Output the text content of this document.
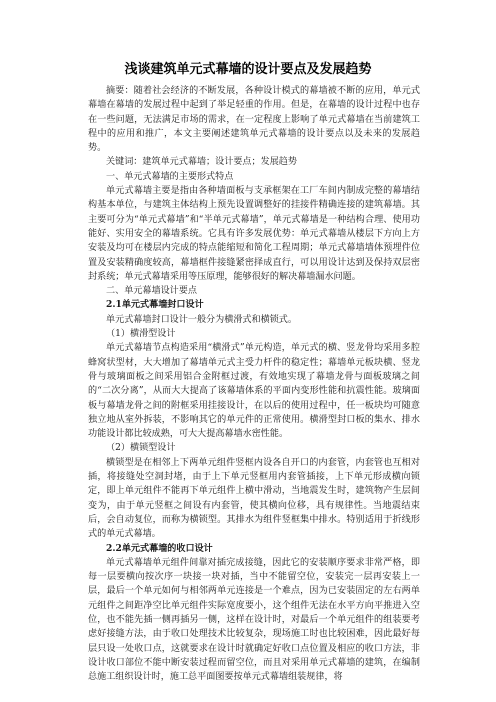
浅谈建筑单元式幕墙的设计要点及发展趋势

摘要：随着社会经济的不断发展，各种设计模式的幕墙被不断的应用，单元式幕墙在幕墙的发展过程中起到了举足轻重的作用。但是，在幕墙的设计过程中也存在一些问题，无法满足市场的需求，在一定程度上影响了单元式幕墙在当前建筑工程中的应用和推广，本文主要阐述建筑单元式幕墙的设计要点以及未来的发展趋势。

关键词：建筑单元式幕墙；设计要点；发展趋势

一、单元式幕墙的主要形式特点

单元式幕墙主要是指由各种墙面板与支承框架在工厂车间内制成完整的幕墙结构基本单位，与建筑主体结构上预先设置调整好的挂接件精确连接的建筑幕墙。其主要可分为“单元式幕墙”和“半单元式幕墙”，单元式幕墙是一种结构合理、使用功能好、实用安全的幕墙系统。它具有许多发展优势：单元式幕墙从楼层下方向上方安装及均可在楼层内完成的特点能缩短和简化工程周期；单元式幕墙墙体预埋件位置及安装精确度较高，幕墙框件接缝紧密择成直行，可以用设计达到及保持双层密封系统；单元式幕墙采用等压原理，能够很好的解决幕墙漏水问题。

二、单元幕墙设计要点

2.1单元式幕墙封口设计

单元式幕墙封口设计一般分为横滑式和横锁式。

（1）横滑型设计

单元式幕墙节点构造采用“横滑式”单元构造，单元式的横、竖龙骨均采用多腔蜂窝状型材，大大增加了幕墙单元式主受力杆件的稳定性；幕墙单元板块横、竖龙骨与玻璃面板之间采用铝合金附框过渡，有效地实现了幕墙龙骨与面板玻璃之间的“二次分离”，从而大大提高了该幕墙体系的平面内变形性能和抗震性能。玻璃面板与幕墙龙骨之间的附框采用挂接设计，在以后的使用过程中，任一板块均可随意独立地从室外拆装，不影响其它的单元件的正常使用。横滑型封口板的集水、排水功能设计都比较成熟，可大大提高幕墙水密性能。

（2）横锁型设计

横锁型是在相邻上下两单元组件竖框内设各自开口的内套管，内套管也互相对插，将接缝处空洞封堵，由于上下单元竖框用内套管插接，上下单元形成横向锁定，即上单元组件不能再下单元组件上横中滑动，当地震发生时，建筑物产生层间变为，由于单元竖框之间设有内套管，使其横向位移，具有规律性。当地震结束后，会自动复位，而称为横锁型。其排水为组件竖框集中排水。特别适用于折线形式的单元式幕墙。

2.2单元式幕墙的收口设计

单元式幕墙单元组件间靠对插完成接缝，因此它的安装顺序要求非常严格，即每一层要横向按次序一块接一块对插，当中不能留空位，安装完一层再安装上一层，最后一个单元如何与相邻两单元连接是一个难点，因为已安装固定的左右两单元组件之间距净空比单元组件实际宽度要小，这个组件无法在水平方向平推进入空位，也不能先插一侧再插另一侧，这样在设计时，对最后一个单元组件的组装要考虑好接缝方法，由于收口处理技术比较复杂，现场施工时也比较困难，因此最好每层只设一处收口点，这就要求在设计时就确定好收口点位置及相应的收口方法，非设计收口部位不能中断安装过程而留空位，而且对采用单元式幕墙的建筑，在编制总施工组织设计时，施工总平面图要按单元式幕墙组装规律，将
